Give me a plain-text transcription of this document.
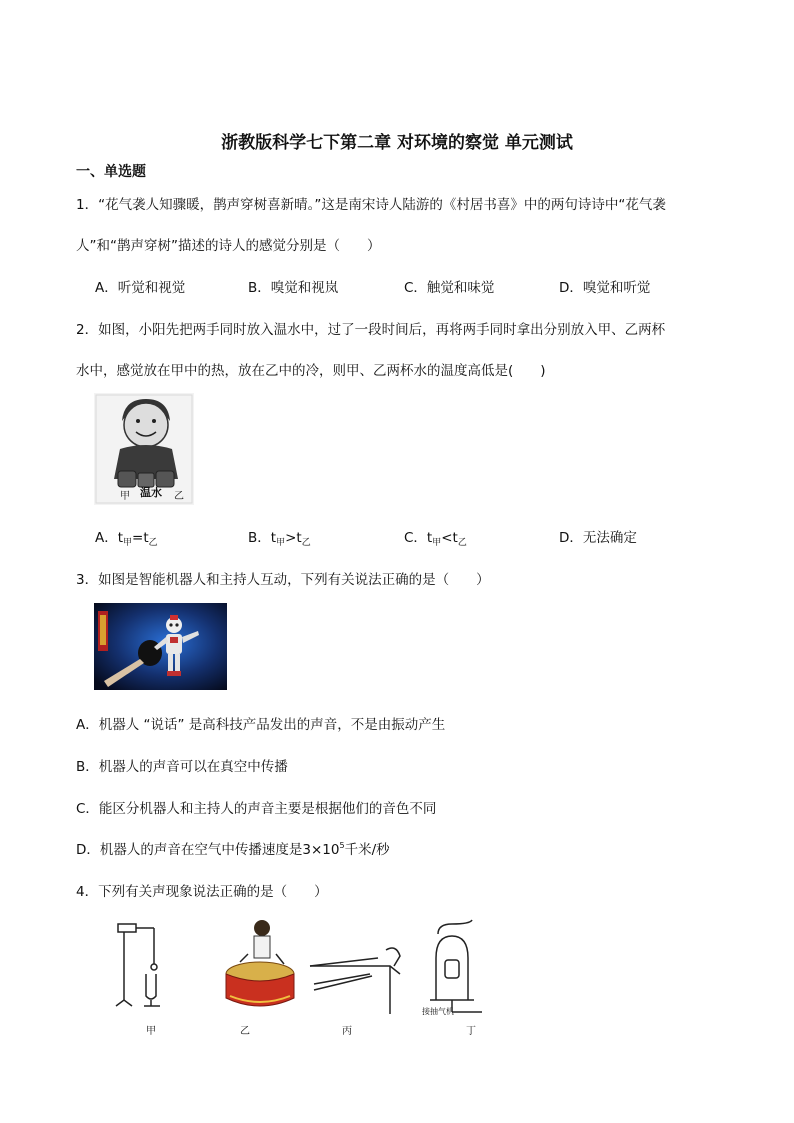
浙教版科学七下第二章 对环境的察觉 单元测试
一、单选题
1．“花气袭人知骤暖，鹊声穿树喜新晴。”这是南宋诗人陆游的《村居书喜》中的两句诗诗中“花气袭
人”和“鹊声穿树”描述的诗人的感觉分别是（　　）
A．听觉和视觉	B．嗅觉和视岚	C．触觉和味觉	D．嗅觉和听觉
2．如图，小阳先把两手同时放入温水中，过了一段时间后，再将两手同时拿出分别放入甲、乙两杯
水中，感觉放在甲中的热，放在乙中的冷，则甲、乙两杯水的温度高低是(　　)
甲 温水 乙
A．$t_甲=t_乙$	B．$t_甲>t_乙$	C．$t_甲<t_乙$	D．无法确定
3．如图是智能机器人和主持人互动，下列有关说法正确的是（　　）
A．机器人 “说话” 是高科技产品发出的声音，不是由振动产生
B．机器人的声音可以在真空中传播
C．能区分机器人和主持人的声音主要是根据他们的音色不同
D．机器人的声音在空气中传播速度是$3\times 10^5$千米/秒
4．下列有关声现象说法正确的是（　　）
甲	乙	丙	丁
接抽气机
